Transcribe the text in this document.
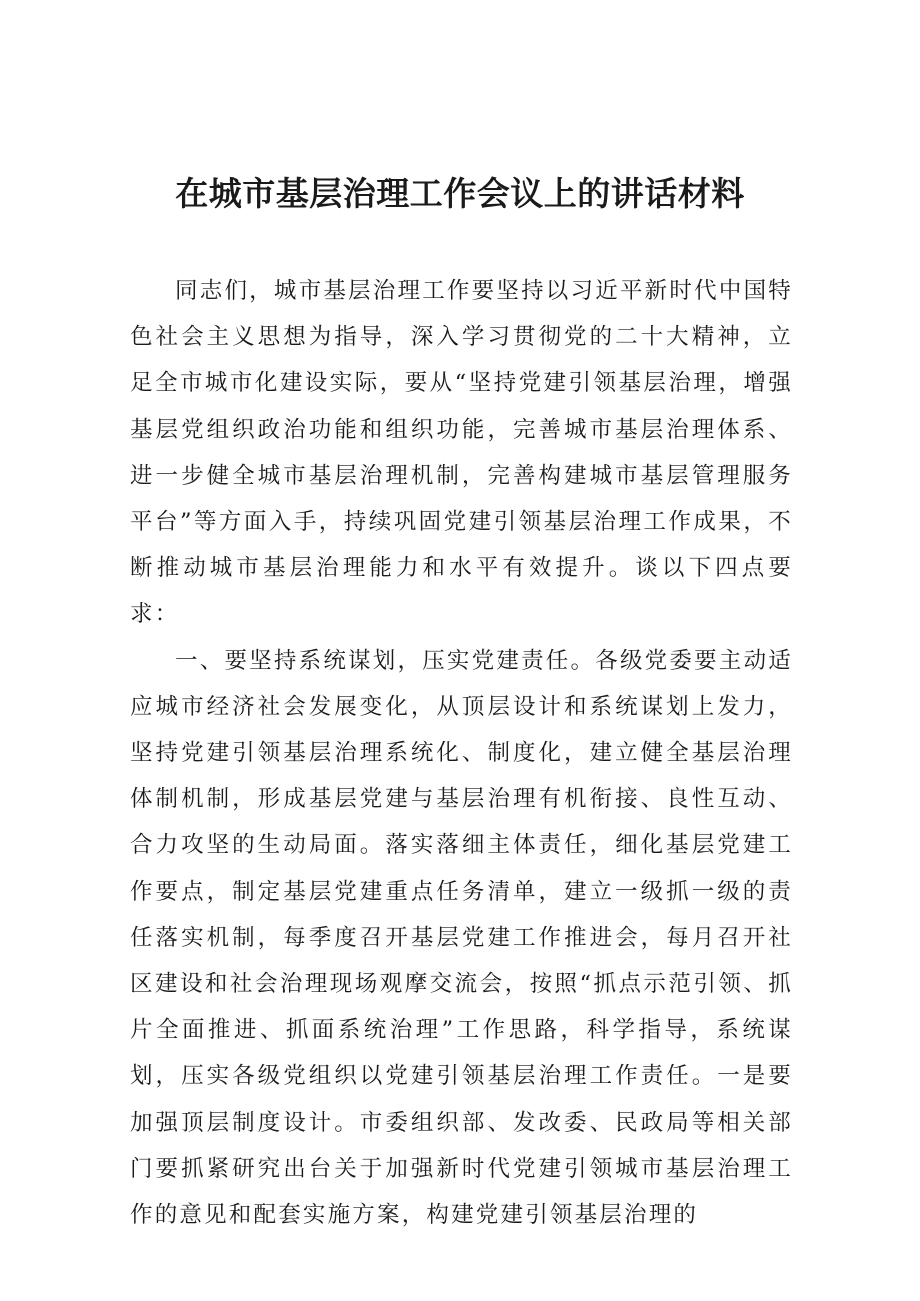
在城市基层治理工作会议上的讲话材料

同志们，城市基层治理工作要坚持以习近平新时代中国特色社会主义思想为指导，深入学习贯彻党的二十大精神，立足全市城市化建设实际，要从“坚持党建引领基层治理，增强基层党组织政治功能和组织功能，完善城市基层治理体系、进一步健全城市基层治理机制，完善构建城市基层管理服务平台”等方面入手，持续巩固党建引领基层治理工作成果，不断推动城市基层治理能力和水平有效提升。谈以下四点要求：

一、要坚持系统谋划，压实党建责任。各级党委要主动适应城市经济社会发展变化，从顶层设计和系统谋划上发力，坚持党建引领基层治理系统化、制度化，建立健全基层治理体制机制，形成基层党建与基层治理有机衔接、良性互动、合力攻坚的生动局面。落实落细主体责任，细化基层党建工作要点，制定基层党建重点任务清单，建立一级抓一级的责任落实机制，每季度召开基层党建工作推进会，每月召开社区建设和社会治理现场观摩交流会，按照“抓点示范引领、抓片全面推进、抓面系统治理”工作思路，科学指导，系统谋划，压实各级党组织以党建引领基层治理工作责任。一是要加强顶层制度设计。市委组织部、发改委、民政局等相关部门要抓紧研究出台关于加强新时代党建引领城市基层治理工作的意见和配套实施方案，构建党建引领基层治理的
